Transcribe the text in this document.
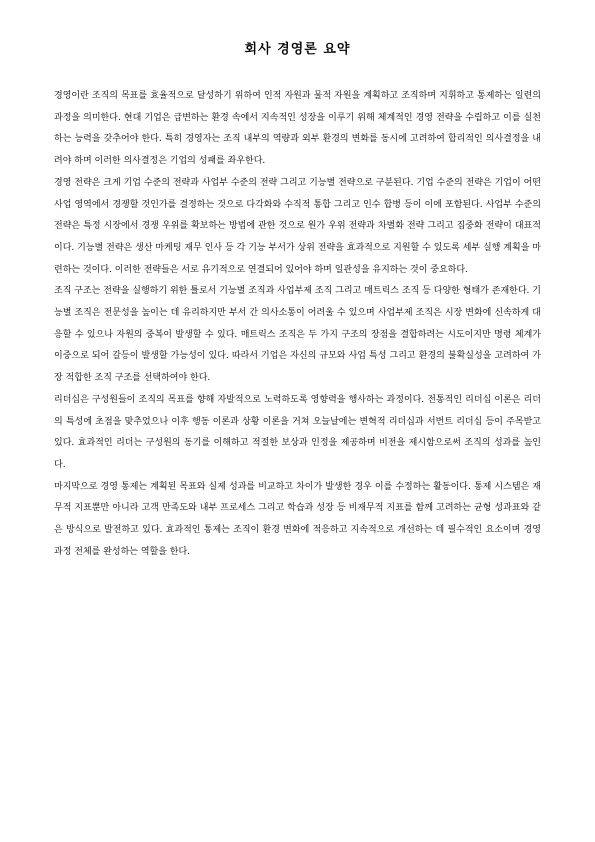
회사 경영론 요약

경영이란 조직의 목표를 효율적으로 달성하기 위하여 인적 자원과 물적 자원을 계획하고 조직하며 지휘하고 통제하는 일련의 과정을 의미한다. 현대 기업은 급변하는 환경 속에서 지속적인 성장을 이루기 위해 체계적인 경영 전략을 수립하고 이를 실천하는 능력을 갖추어야 한다. 특히 경영자는 조직 내부의 역량과 외부 환경의 변화를 동시에 고려하여 합리적인 의사결정을 내려야 하며 이러한 의사결정은 기업의 성패를 좌우한다.

경영 전략은 크게 기업 수준의 전략과 사업부 수준의 전략 그리고 기능별 전략으로 구분된다. 기업 수준의 전략은 기업이 어떤 사업 영역에서 경쟁할 것인가를 결정하는 것으로 다각화와 수직적 통합 그리고 인수 합병 등이 이에 포함된다. 사업부 수준의 전략은 특정 시장에서 경쟁 우위를 확보하는 방법에 관한 것으로 원가 우위 전략과 차별화 전략 그리고 집중화 전략이 대표적이다. 기능별 전략은 생산 마케팅 재무 인사 등 각 기능 부서가 상위 전략을 효과적으로 지원할 수 있도록 세부 실행 계획을 마련하는 것이다. 이러한 전략들은 서로 유기적으로 연결되어 있어야 하며 일관성을 유지하는 것이 중요하다.

조직 구조는 전략을 실행하기 위한 틀로서 기능별 조직과 사업부제 조직 그리고 매트릭스 조직 등 다양한 형태가 존재한다. 기능별 조직은 전문성을 높이는 데 유리하지만 부서 간 의사소통이 어려울 수 있으며 사업부제 조직은 시장 변화에 신속하게 대응할 수 있으나 자원의 중복이 발생할 수 있다. 매트릭스 조직은 두 가지 구조의 장점을 결합하려는 시도이지만 명령 체계가 이중으로 되어 갈등이 발생할 가능성이 있다. 따라서 기업은 자신의 규모와 사업 특성 그리고 환경의 불확실성을 고려하여 가장 적합한 조직 구조를 선택하여야 한다.

리더십은 구성원들이 조직의 목표를 향해 자발적으로 노력하도록 영향력을 행사하는 과정이다. 전통적인 리더십 이론은 리더의 특성에 초점을 맞추었으나 이후 행동 이론과 상황 이론을 거쳐 오늘날에는 변혁적 리더십과 서번트 리더십 등이 주목받고 있다. 효과적인 리더는 구성원의 동기를 이해하고 적절한 보상과 인정을 제공하며 비전을 제시함으로써 조직의 성과를 높인다.

마지막으로 경영 통제는 계획된 목표와 실제 성과를 비교하고 차이가 발생한 경우 이를 수정하는 활동이다. 통제 시스템은 재무적 지표뿐만 아니라 고객 만족도와 내부 프로세스 그리고 학습과 성장 등 비재무적 지표를 함께 고려하는 균형 성과표와 같은 방식으로 발전하고 있다. 효과적인 통제는 조직이 환경 변화에 적응하고 지속적으로 개선하는 데 필수적인 요소이며 경영 과정 전체를 완성하는 역할을 한다.
